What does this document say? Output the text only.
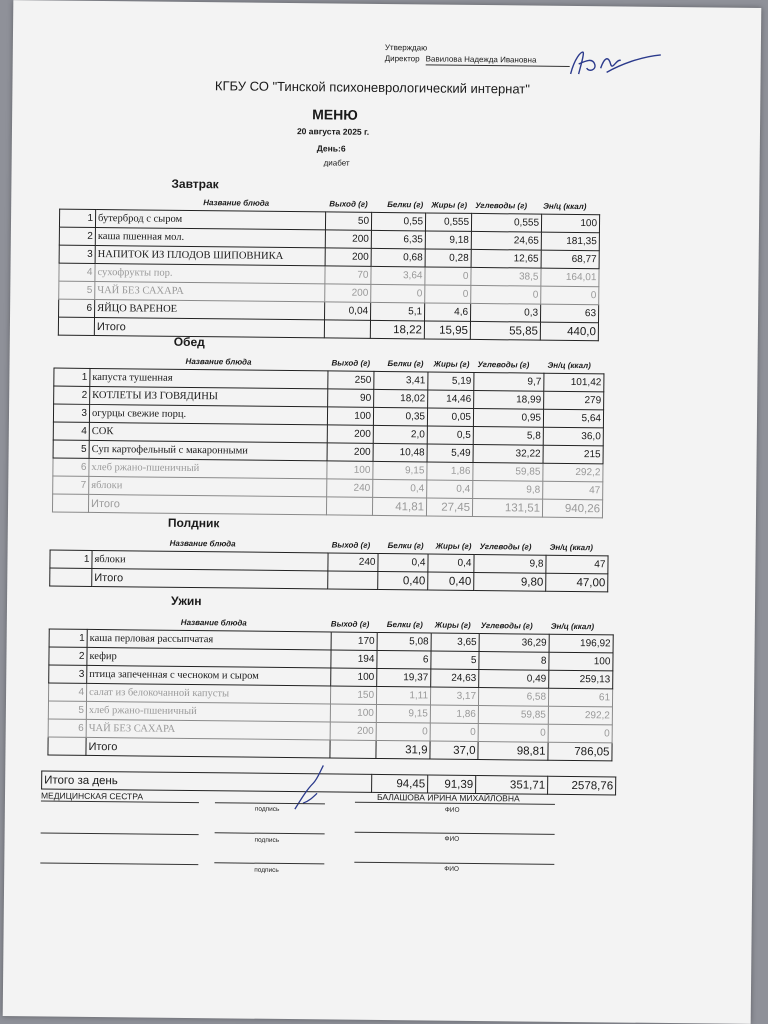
Утверждаю
Директор Вавилова Надежда Ивановна
КГБУ СО "Тинской психоневрологический интернат"
МЕНЮ
20 августа 2025 г.
День:6
диабет
Завтрак
Название блюда	Выход (г) Белки (г) Жиры (г) Углеводы (г) Эн/ц (ккал)
1	бутерброд с сыром	50	0,55	0,555	0,555	100
2	каша пшенная мол.	200	6,35	9,18	24,65	181,35
3	НАПИТОК ИЗ ПЛОДОВ ШИПОВНИКА	200	0,68	0,28	12,65	68,77
4	сухофрукты пор.	70	3,64	0	38,5	164,01
5	ЧАЙ БЕЗ САХАРА	200	0	0	0	0
6	ЯЙЦО ВАРЕНОЕ	0,04	5,1	4,6	0,3	63
	Итого		18,22	15,95	55,85	440,0
Обед
Название блюда	Выход (г) Белки (г) Жиры (г) Углеводы (г) Эн/ц (ккал)
1	капуста тушенная	250	3,41	5,19	9,7	101,42
2	КОТЛЕТЫ ИЗ ГОВЯДИНЫ	90	18,02	14,46	18,99	279
3	огурцы свежие порц.	100	0,35	0,05	0,95	5,64
4	СОК	200	2,0	0,5	5,8	36,0
5	Суп картофельный с макаронными	200	10,48	5,49	32,22	215
6	хлеб ржано-пшеничный	100	9,15	1,86	59,85	292,2
7	яблоки	240	0,4	0,4	9,8	47
	Итого		41,81	27,45	131,51	940,26
Полдник
Название блюда	Выход (г) Белки (г) Жиры (г) Углеводы (г) Эн/ц (ккал)
1	яблоки	240	0,4	0,4	9,8	47
	Итого		0,40	0,40	9,80	47,00
Ужин
Название блюда	Выход (г) Белки (г) Жиры (г) Углеводы (г) Эн/ц (ккал)
1	каша перловая рассыпчатая	170	5,08	3,65	36,29	196,92
2	кефир	194	6	5	8	100
3	птица запеченная с чесноком и сыром	100	19,37	24,63	0,49	259,13
4	салат из белокочанной капусты	150	1,11	3,17	6,58	61
5	хлеб ржано-пшеничный	100	9,15	1,86	59,85	292,2
6	ЧАЙ БЕЗ САХАРА	200	0	0	0	0
	Итого		31,9	37,0	98,81	786,05
Итого за день	94,45	91,39	351,71	2578,76
МЕДИЦИНСКАЯ СЕСТРА
подпись
БАЛАШОВА ИРИНА МИХАЙЛОВНА
ФИО
подпись	ФИО
подпись	ФИО
